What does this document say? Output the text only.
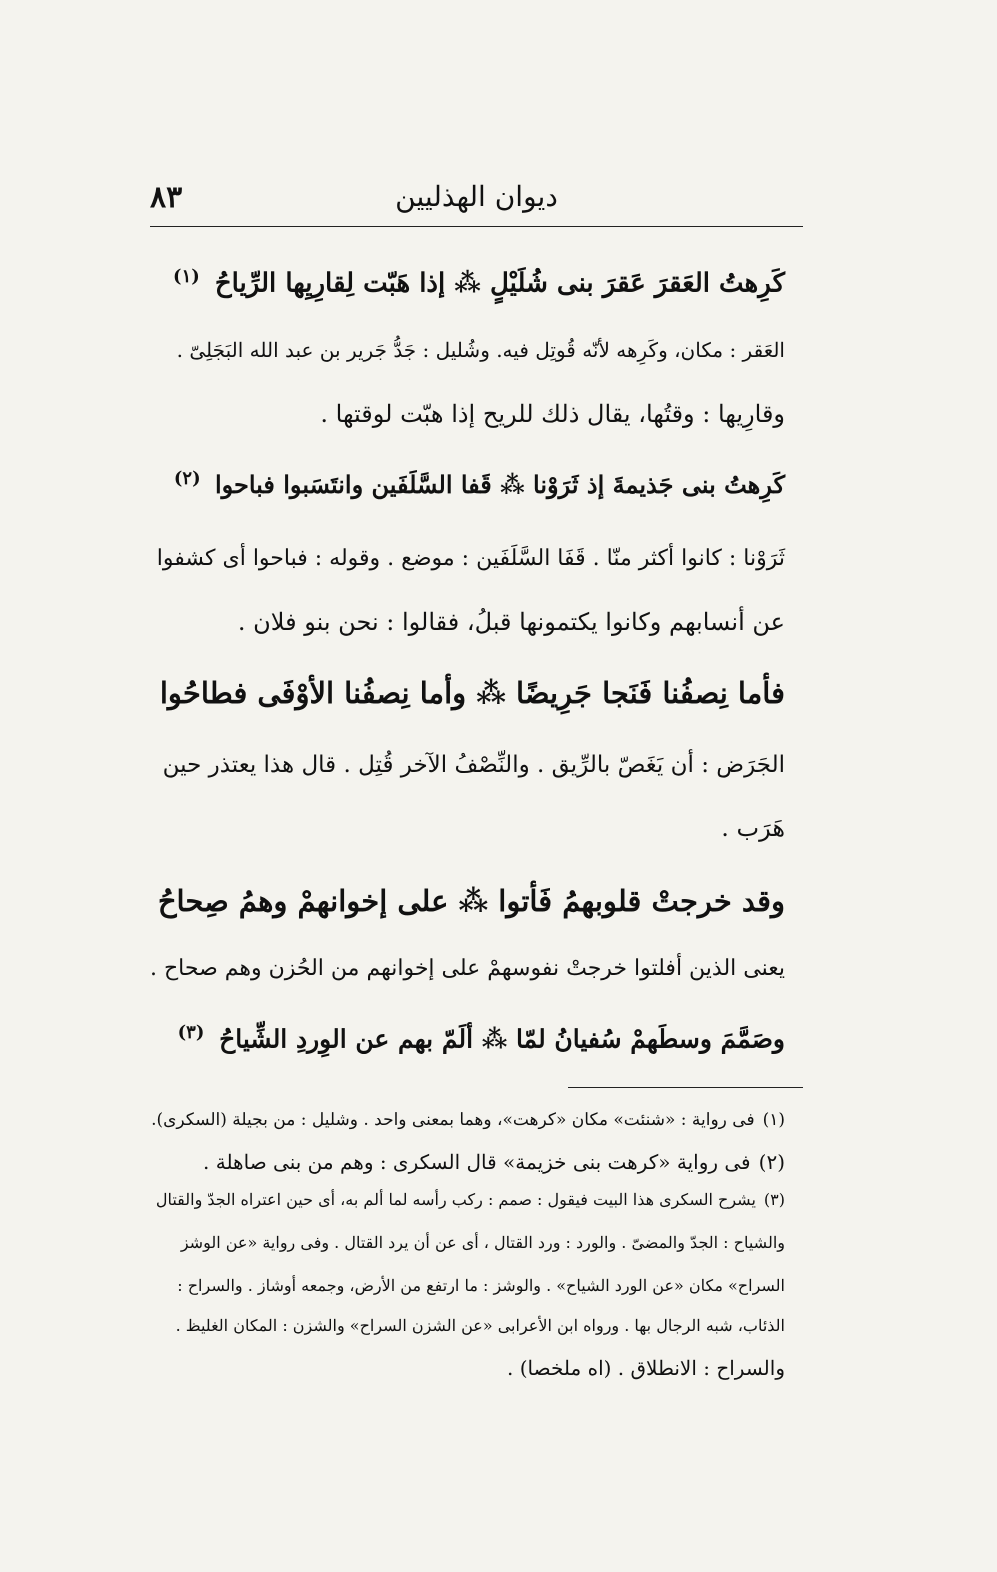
٨٣	ديوان الهذليين
كَرِهتُ العَقرَ عَقرَ بنى شُلَيْلٍ ⁂ إذا هَبّت لِقارِيِها الرِّياحُ $^{(١)}$
العَقر : مكان، وكَرِهه لأنّه قُوتِل فيه. وشُليل : جَدُّ جَرير بن عبد الله البَجَلِىّ .
وقارِيها : وقتُها، يقال ذلك للريح إذا هبّت لوقتها .
كَرِهتُ بنى جَذيمةَ إذ ثَرَوْنا ⁂ قَفا السَّلَفَين وانتَسَبوا فباحوا $^{(٢)}$
ثَرَوْنا : كانوا أكثر منّا . قَفَا السَّلَفَين : موضع . وقوله : فباحوا أى كشفوا
عن أنسابهم وكانوا يكتمونها قبلُ، فقالوا : نحن بنو فلان .
فأما نِصفُنا فَنَجا جَرِيضًا ⁂ وأما نِصفُنا الأوْفَى فطاحُوا
الجَرَض : أن يَغَصّ بالرِّيق . والنِّصْفُ الآخر قُتِل . قال هذا يعتذر حين
هَرَب .
وقد خرجتْ قلوبهمُ فَأتوا ⁂ على إخوانهمْ وهمُ صِحاحُ
يعنى الذين أفلتوا خرجتْ نفوسهمْ على إخوانهم من الحُزن وهم صحاح .
وصَمَّمَ وسطَهمْ سُفيانُ لمّا ⁂ ألَمّ بهم عن الوِردِ الشِّياحُ $^{(٣)}$
(١)فى رواية : «شنئت» مكان «كرهت»، وهما بمعنى واحد . وشليل : من بجيلة (السكرى).
(٢)فى رواية «كرهت بنى خزيمة» قال السكرى : وهم من بنى صاهلة .
(٣)يشرح السكرى هذا البيت فيقول : صمم : ركب رأسه لما ألم به، أى حين اعتراه الجدّ والقتال
والشياح : الجدّ والمضىّ . والورد : ورد القتال ، أى عن أن يرد القتال . وفى رواية «عن الوشز
السراح» مكان «عن الورد الشياح» . والوشز : ما ارتفع من الأرض، وجمعه أوشاز . والسراح :
الذئاب، شبه الرجال بها . ورواه ابن الأعرابى «عن الشزن السراح» والشزن : المكان الغليظ .
والسراح : الانطلاق . (اه ملخصا) .
